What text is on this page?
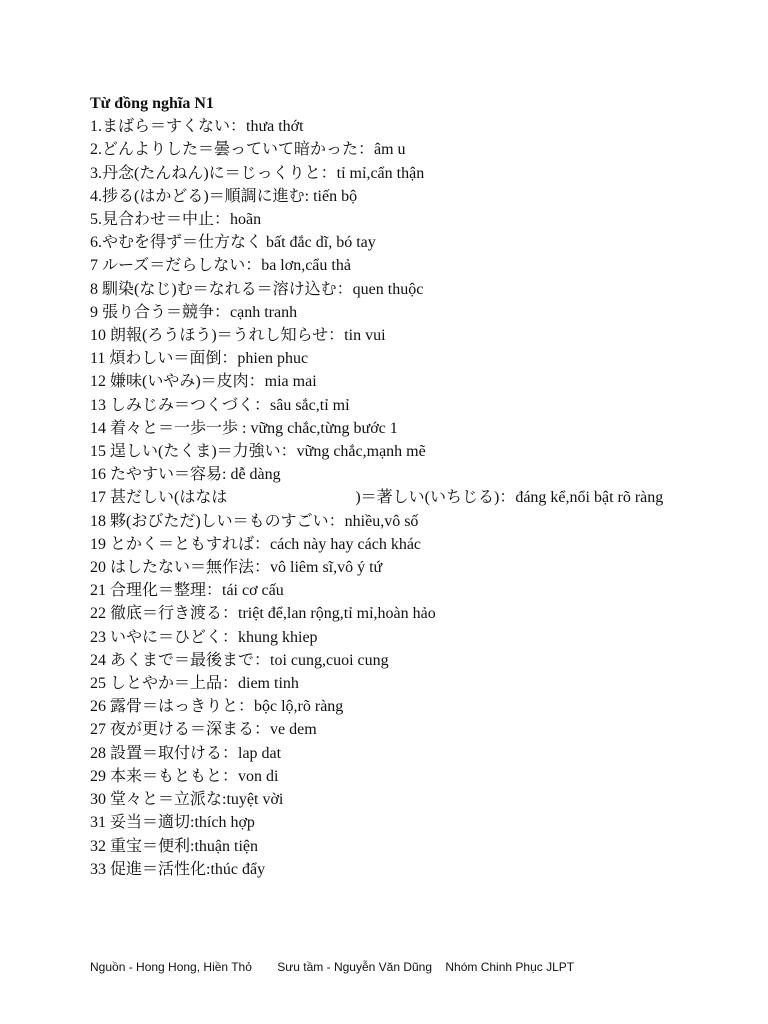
Từ đồng nghĩa N1
1.まばら＝すくない：thưa thớt
2.どんよりした＝曇っていて暗かった：âm u
3.丹念(たんねん)に＝じっくりと：tỉ mỉ,cẩn thận
4.捗る(はかどる)＝順調に進む: tiến bộ
5.見合わせ＝中止：hoãn
6.やむを得ず＝仕方なく bất đắc dĩ, bó tay
7 ルーズ＝だらしない：ba lơn,cẩu thả
8 馴染(なじ)む＝なれる＝溶け込む：quen thuộc
9 張り合う＝競争：cạnh tranh
10 朗報(ろうほう)＝うれし知らせ：tin vui
11 煩わしい＝面倒：phien phuc
12 嫌味(いやみ)＝皮肉：mia mai
13 しみじみ＝つくづく：sâu sắc,tỉ mỉ
14 着々と＝一歩一歩 : vững chắc,từng bước 1
15 逞しい(たくま)＝力強い：vững chắc,mạnh mẽ
16 たやすい＝容易: dễ dàng
17 甚だしい(はなは　　　　　　　　)＝著しい(いちじる)：đáng kể,nổi bật rõ ràng
18 夥(おびただ)しい＝ものすごい：nhiều,vô số
19 とかく＝ともすれば：cách này hay cách khác
20 はしたない＝無作法：vô liêm sĩ,vô ý tứ
21 合理化＝整理：tái cơ cấu
22 徹底＝行き渡る：triệt để,lan rộng,tỉ mỉ,hoàn hảo
23 いやに＝ひどく：khung khiep
24 あくまで＝最後まで：toi cung,cuoi cung
25 しとやか＝上品：diem tinh
26 露骨＝はっきりと：bộc lộ,rõ ràng
27 夜が更ける＝深まる：ve dem
28 設置＝取付ける：lap dat
29 本来＝もともと：von di
30 堂々と＝立派な:tuyệt vời
31 妥当＝適切:thích hợp
32 重宝＝便利:thuận tiện
33 促進＝活性化:thúc đẩy
Nguồn - Hong Hong, Hiền Thỏ Sưu tầm - Nguyễn Văn Dũng Nhóm Chinh Phục JLPT
